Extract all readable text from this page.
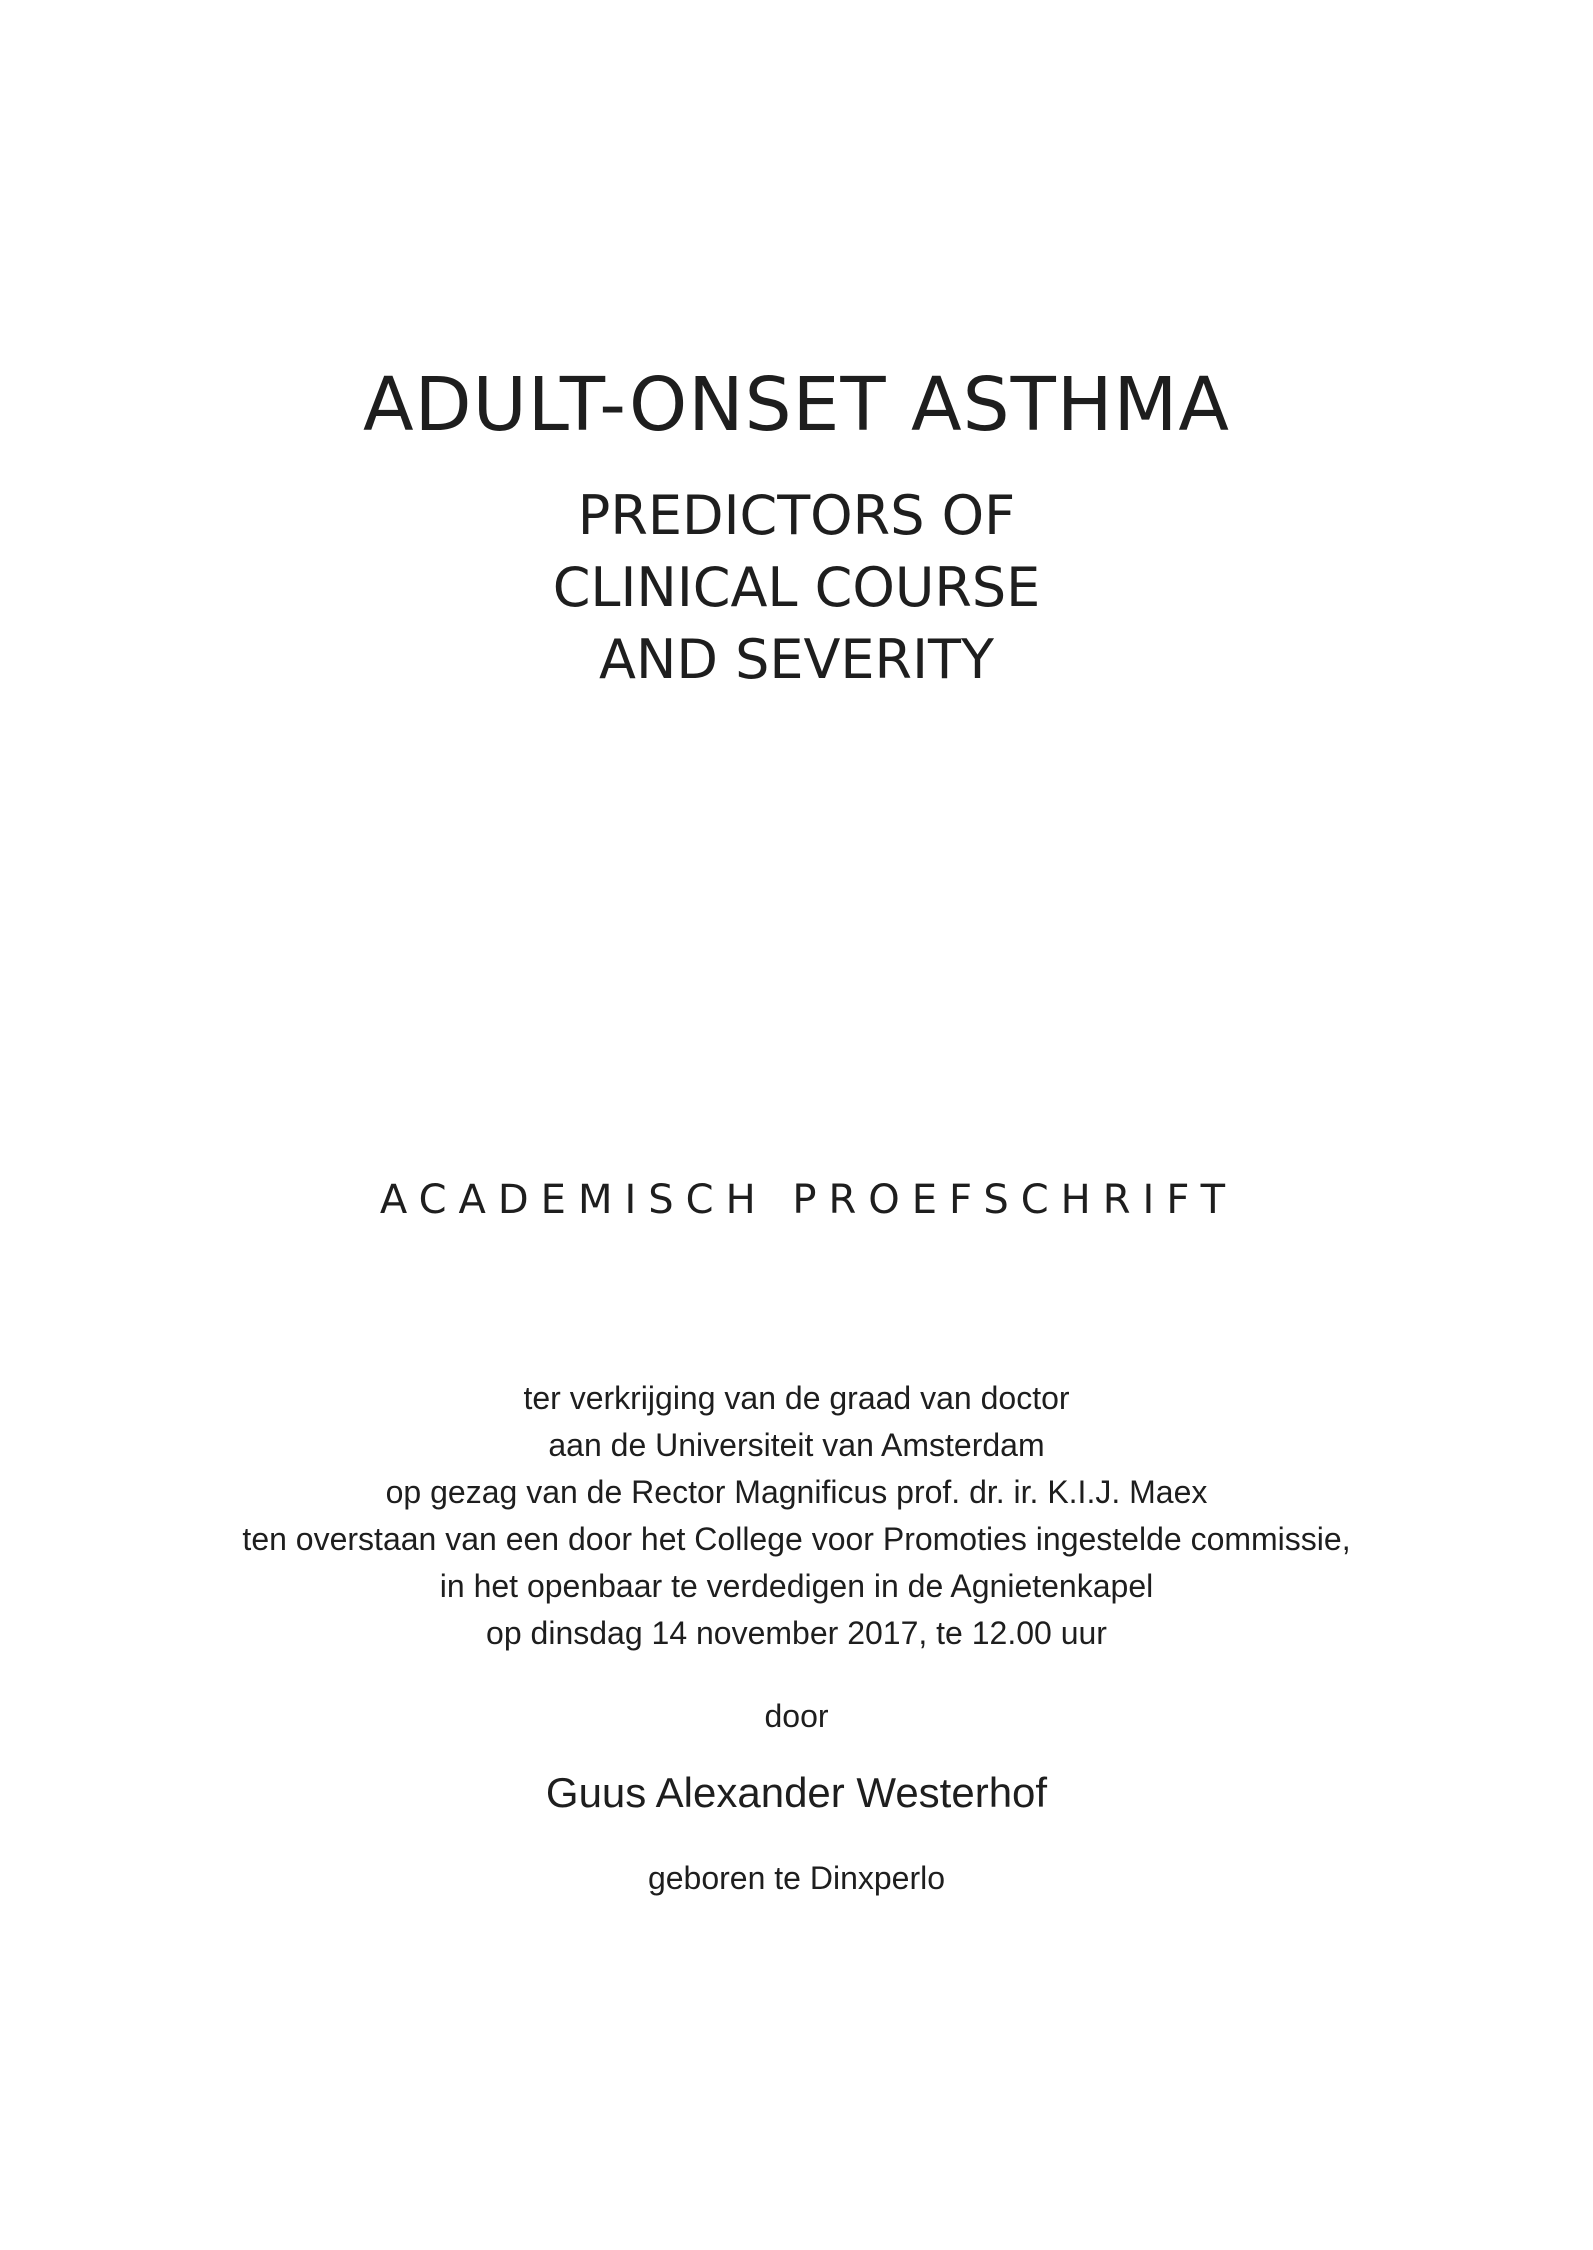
ADULT-ONSET ASTHMA
PREDICTORS OF
CLINICAL COURSE
AND SEVERITY

ACADEMISCH PROEFSCHRIFT

ter verkrijging van de graad van doctor
aan de Universiteit van Amsterdam
op gezag van de Rector Magnificus prof. dr. ir. K.I.J. Maex
ten overstaan van een door het College voor Promoties ingestelde commissie,
in het openbaar te verdedigen in de Agnietenkapel
op dinsdag 14 november 2017, te 12.00 uur

door

Guus Alexander Westerhof

geboren te Dinxperlo
